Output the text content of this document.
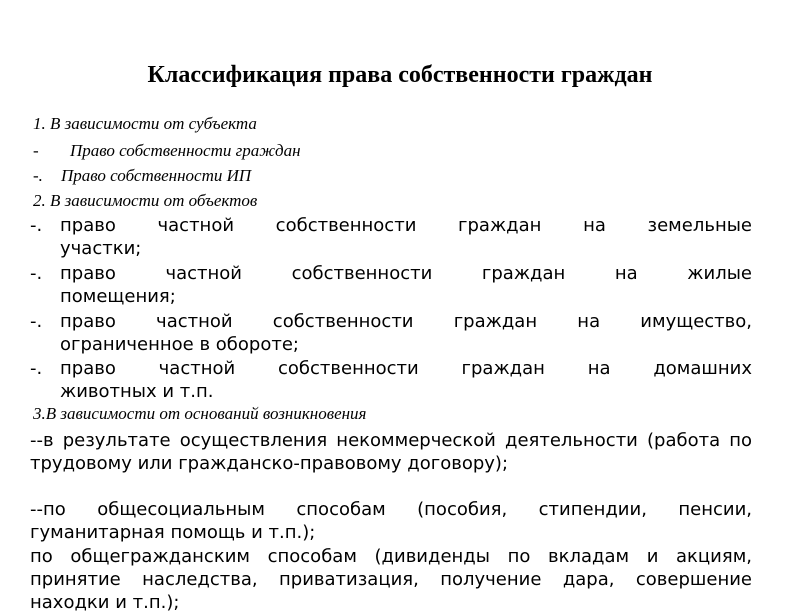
Классификация права собственности граждан
1. В зависимости от субъекта
- Право собственности граждан
-. Право собственности ИП
2. В зависимости от объектов
-. право частной собственности граждан на земельные
участки;
-. право частной собственности граждан на жилые
помещения;
-. право частной собственности граждан на имущество,
ограниченное в обороте;
-. право частной собственности граждан на домашних
животных и т.п.
3.В зависимости от оснований возникновения
--в результате осуществления некоммерческой деятельности (работа по трудовому или гражданско-правовому договору);
--по общесоциальным способам (пособия, стипендии, пенсии, гуманитарная помощь и т.п.);
по общегражданским способам (дивиденды по вкладам и акциям, принятие наследства, приватизация, получение дара, совершение находки и т.п.);
